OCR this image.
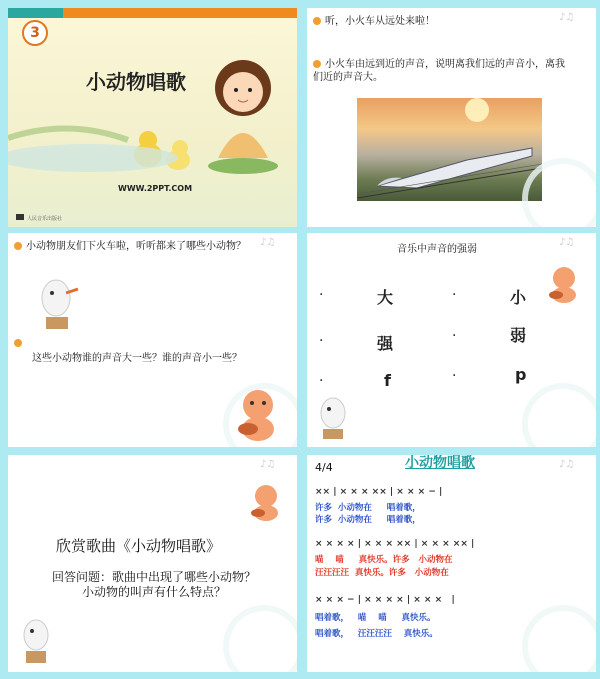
3
小动物唱歌
WWW.2PPT.COM
人民音乐出版社
♪♫
听，小火车从远处来啦！
小火车由远到近的声音，说明离我们远的声音小，离我们近的声音大。
♪♫
小动物朋友们下火车啦，听听都来了哪些小动物？
这些小动物谁的声音大一些？谁的声音小一些？
♪♫
音乐中声音的强弱
·	大	·	小
·	强	·	弱
·	f	·	p
♪♫
欣赏歌曲《小动物唱歌》
回答问题：歌曲中出现了哪些小动物？
小动物的叫声有什么特点？
♪♫
4/4	小动物唱歌
×× | × × × ×× | × × × − |
许多  小动物在     唱着歌，
许多  小动物在     唱着歌，
× × × × | × × × ×× | × × × ×× |
喵    喵     真快乐。许多   小动物在
汪汪汪汪  真快乐。许多   小动物在
× × × − | × × × × | × × ×   |
唱着歌，   喵    喵     真快乐。
唱着歌，   汪汪汪汪    真快乐。
